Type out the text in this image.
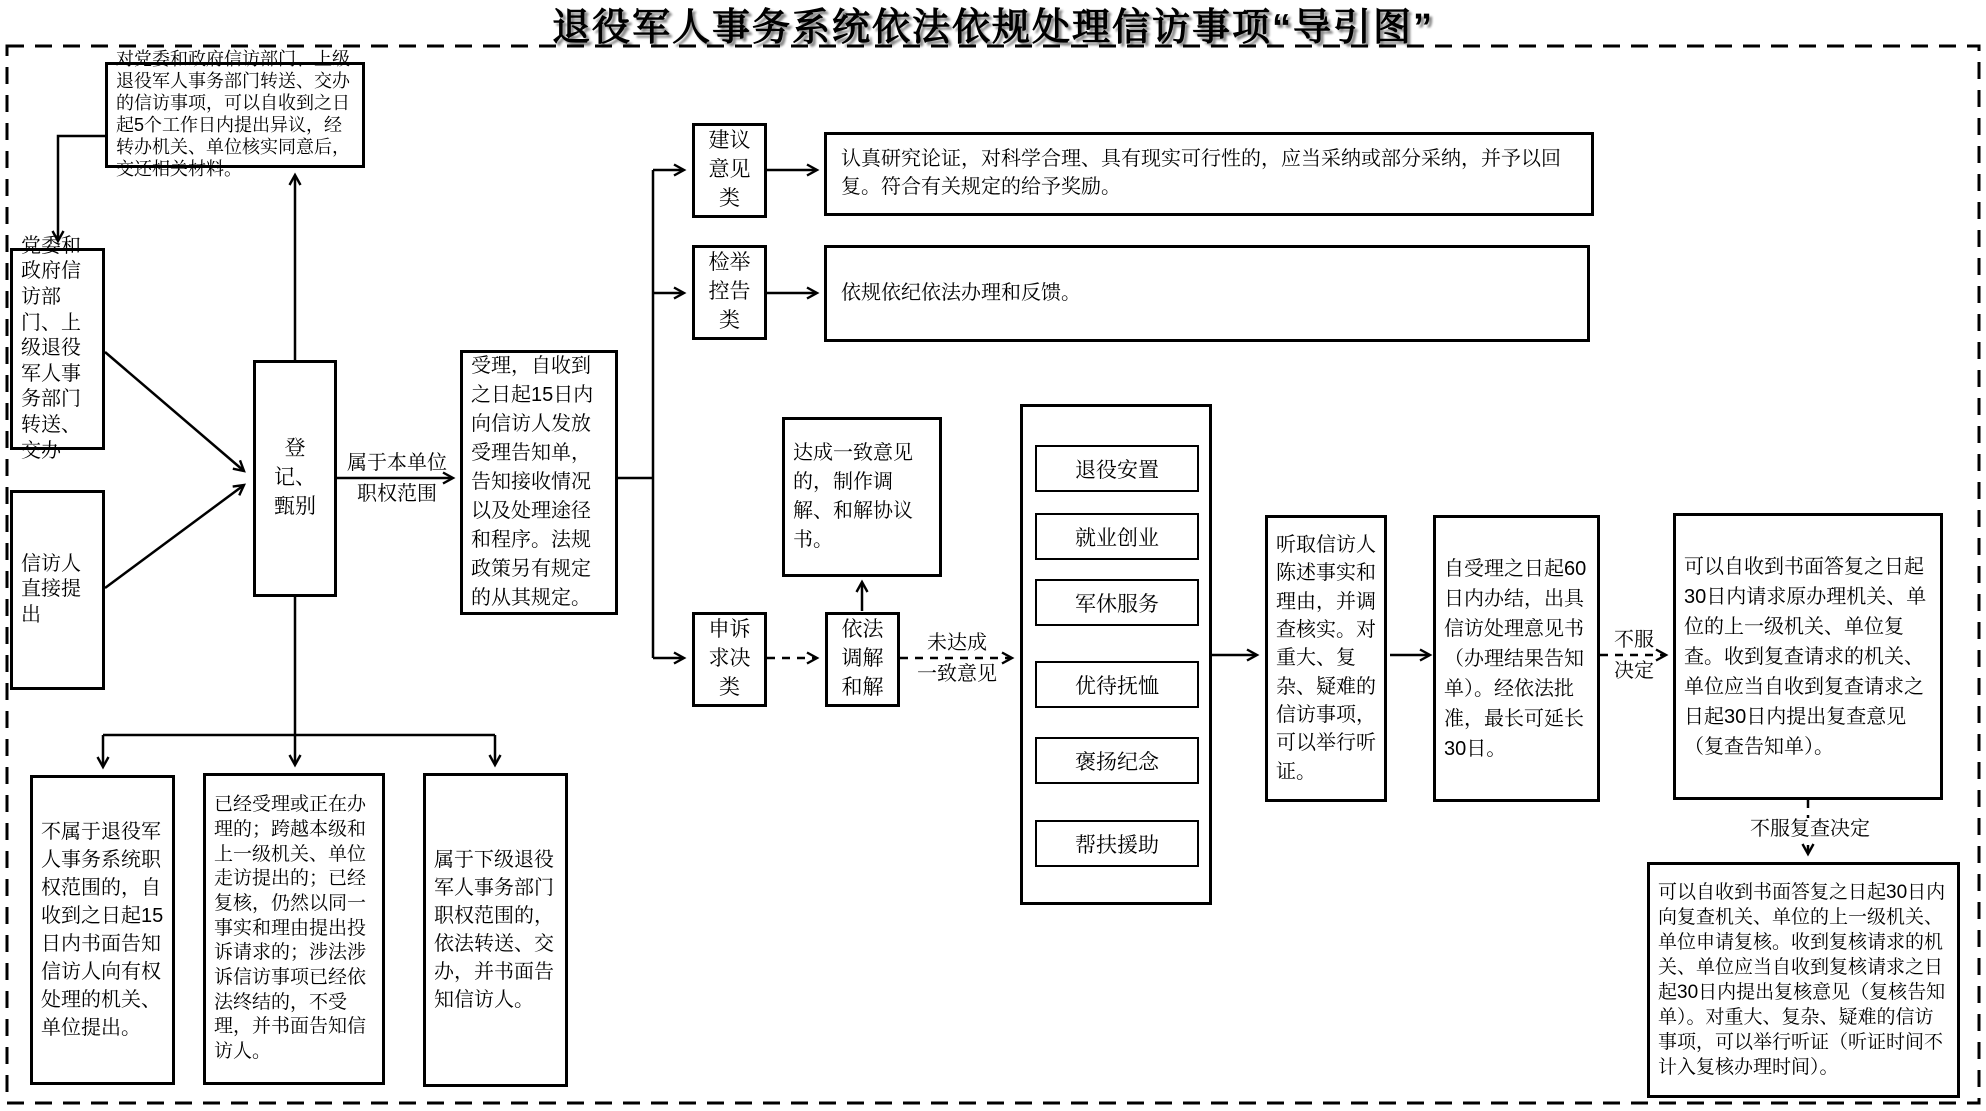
退役军人事务系统依法依规处理信访事项“导引图”
对党委和政府信访部门、上级退役军人事务部门转送、交办的信访事项，可以自收到之日起5个工作日内提出异议，经转办机关、单位核实同意后，交还相关材料。
党委和政府信访部门、上级退役军人事务部门转送、交办
信访人直接提出
登记、甄别
受理，自收到之日起15日内向信访人发放受理告知单，告知接收情况以及处理途径和程序。法规政策另有规定的从其规定。
建议意见类
检举控告类
申诉求决类
认真研究论证，对科学合理、具有现实可行性的，应当采纳或部分采纳，并予以回复。符合有关规定的给予奖励。
依规依纪依法办理和反馈。
达成一致意见的，制作调解、和解协议书。
依法调解和解
退役安置
就业创业
军休服务
优待抚恤
褒扬纪念
帮扶援助
听取信访人陈述事实和理由，并调查核实。对重大、复杂、疑难的信访事项，可以举行听证。
自受理之日起60日内办结，出具信访处理意见书（办理结果告知单）。经依法批准，最长可延长30日。
可以自收到书面答复之日起30日内请求原办理机关、单位的上一级机关、单位复查。收到复查请求的机关、单位应当自收到复查请求之日起30日内提出复查意见（复查告知单）。
可以自收到书面答复之日起30日内向复查机关、单位的上一级机关、单位申请复核。收到复核请求的机关、单位应当自收到复核请求之日起30日内提出复核意见（复核告知单）。对重大、复杂、疑难的信访事项，可以举行听证（听证时间不计入复核办理时间）。
不属于退役军人事务系统职权范围的，自收到之日起15日内书面告知信访人向有权处理的机关、单位提出。
已经受理或正在办理的；跨越本级和上一级机关、单位走访提出的；已经复核，仍然以同一事实和理由提出投诉请求的；涉法涉诉信访事项已经依法终结的，不受理，并书面告知信访人。
属于下级退役军人事务部门职权范围的，依法转送、交办，并书面告知信访人。
属于本单位
职权范围
未达成
一致意见
不服
决定
不服复查决定
